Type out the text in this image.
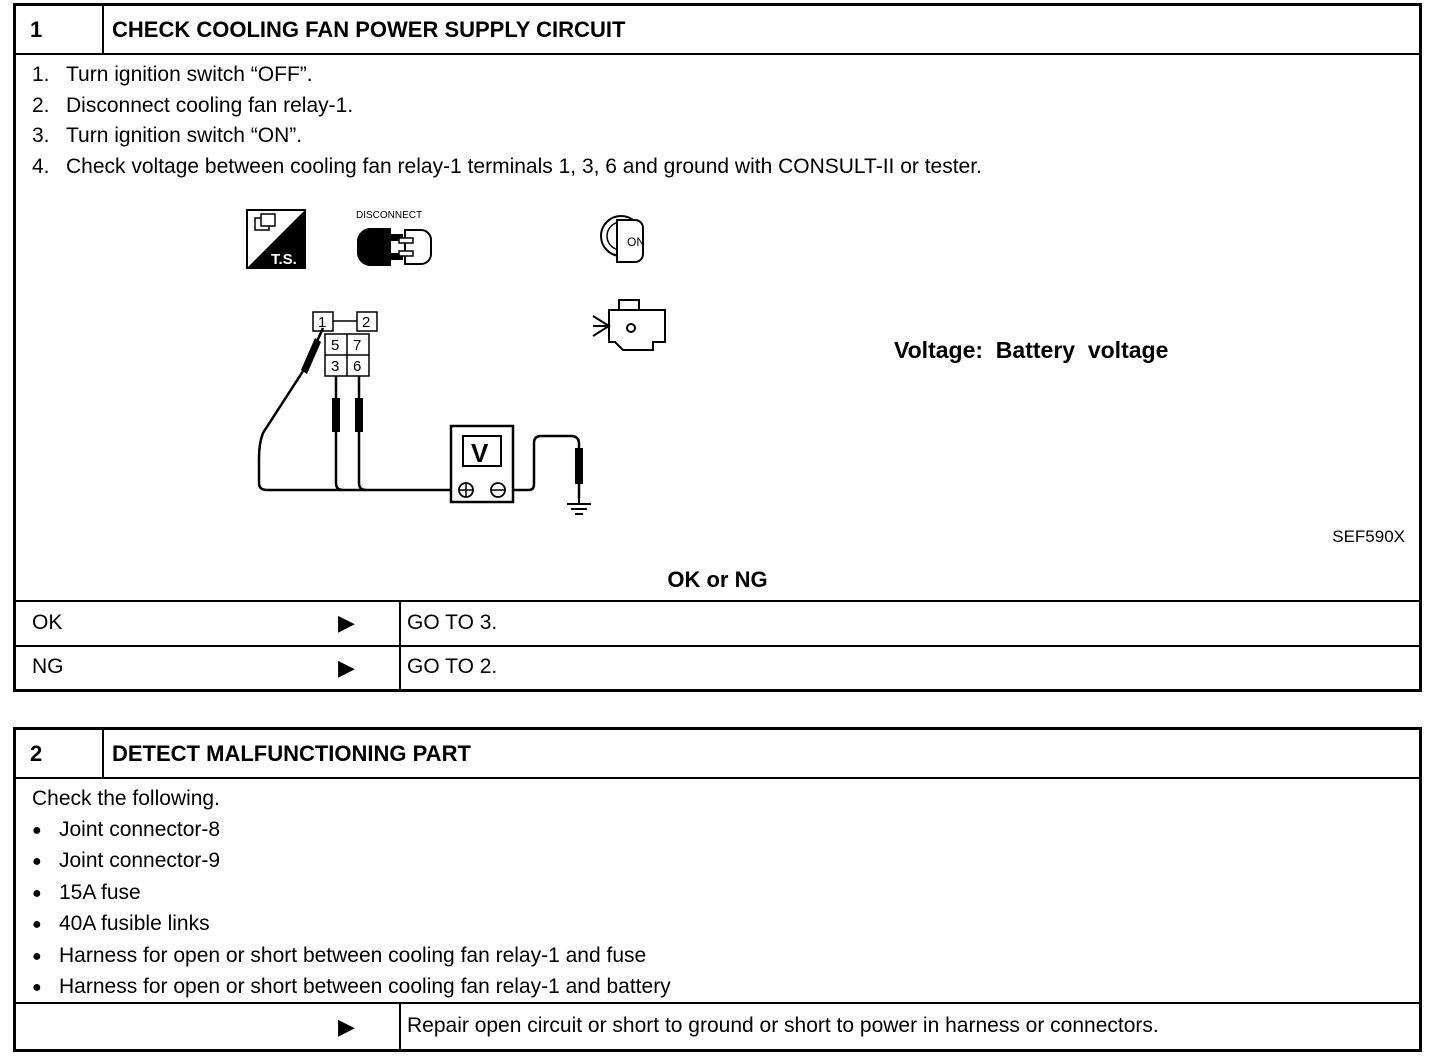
1	CHECK COOLING FAN POWER SUPPLY CIRCUIT
1. Turn ignition switch “OFF”.
2. Disconnect cooling fan relay-1.
3. Turn ignition switch “ON”.
4. Check voltage between cooling fan relay-1 terminals 1, 3, 6 and ground with CONSULT-II or tester.
T.S.
DISCONNECT
ON
1 2
5 7
3 6
V
Voltage:  Battery  voltage
SEF590X
OK or NG
OK	▶ GO TO 3.
NG	▶ GO TO 2.
2	DETECT MALFUNCTIONING PART
Check the following.
● Joint connector-8
● Joint connector-9
● 15A fuse
● 40A fusible links
● Harness for open or short between cooling fan relay-1 and fuse
● Harness for open or short between cooling fan relay-1 and battery
▶ Repair open circuit or short to ground or short to power in harness or connectors.
